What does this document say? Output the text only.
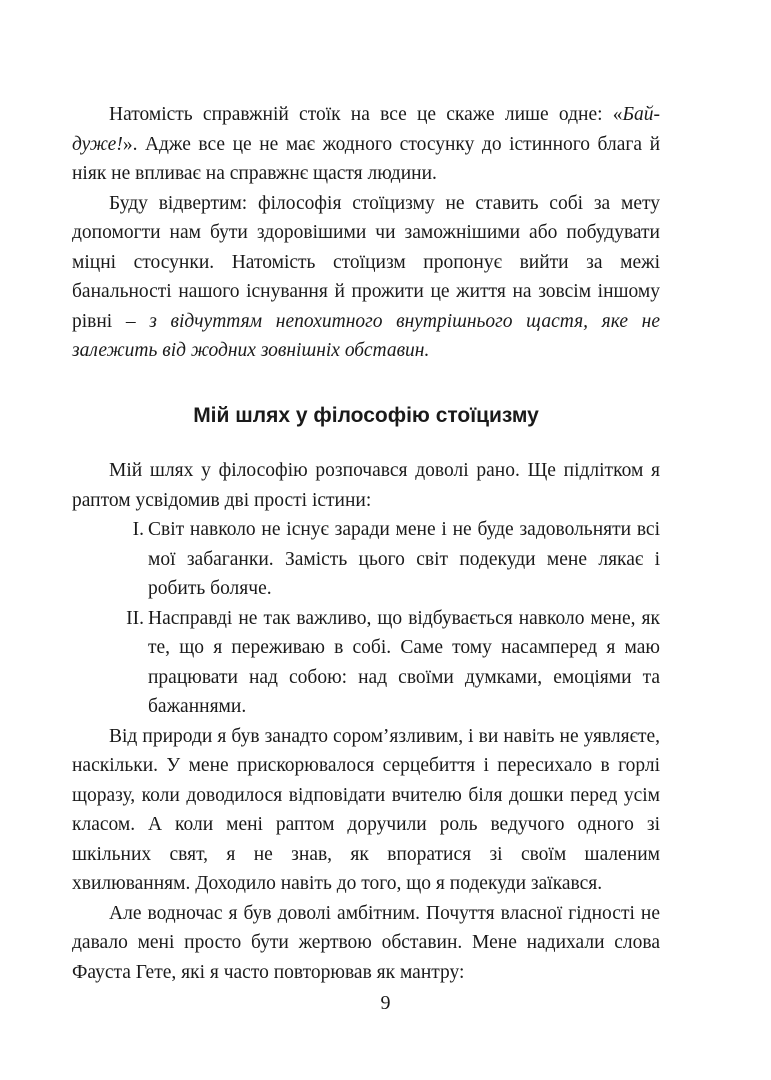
Натомість справжній стоїк на все це скаже лише одне: «Байдуже!». Адже все це не має жодного стосунку до істинного блага й ніяк не впливає на справжнє щастя людини.

Буду відвертим: філософія стоїцизму не ставить собі за мету допомогти нам бути здоровішими чи заможнішими або побудувати міцні стосунки. Натомість стоїцизм пропонує вийти за межі банальності нашого існування й прожити це життя на зовсім іншому рівні – з відчуттям непохитного внутрішнього щастя, яке не залежить від жодних зовнішніх обставин.

Мій шлях у філософію стоїцизму

Мій шлях у філософію розпочався доволі рано. Ще підлітком я раптом усвідомив дві прості істини:

I. Світ навколо не існує заради мене і не буде задовольняти всі мої забаганки. Замість цього світ подекуди мене лякає і робить боляче.

II. Насправді не так важливо, що відбувається навколо мене, як те, що я переживаю в собі. Саме тому насамперед я маю працювати над собою: над своїми думками, емоціями та бажаннями.

Від природи я був занадто сором’язливим, і ви навіть не уявляєте, наскільки. У мене прискорювалося серцебиття і пересихало в горлі щоразу, коли доводилося відповідати вчителю біля дошки перед усім класом. А коли мені раптом доручили роль ведучого одного зі шкільних свят, я не знав, як впоратися зі своїм шаленим хвилюванням. Доходило навіть до того, що я подекуди заїкався.

Але водночас я був доволі амбітним. Почуття власної гідності не давало мені просто бути жертвою обставин. Мене надихали слова Фауста Гете, які я часто повторював як мантру:

9
